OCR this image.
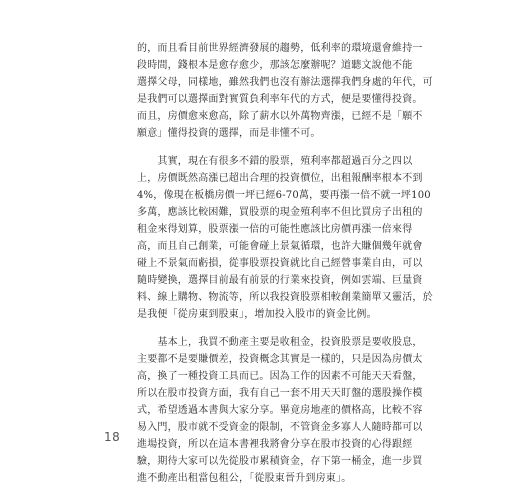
的，而且看目前世界經濟發展的趨勢，低利率的環境還會維持一
段時間，錢根本是愈存愈少，那該怎麼辦呢？道聽文說他不能
選擇父母，同樣地，雖然我們也沒有辦法選擇我們身處的年代，可
是我們可以選擇面對實質負利率年代的方式，便是要懂得投資。
而且，房價愈來愈高，除了薪水以外萬物齊漲，已經不是「願不
願意」懂得投資的選擇，而是非懂不可。

　　其實，現在有很多不錯的股票，殖利率都超過百分之四以
上，房價既然高漲已超出合理的投資價位，出租報酬率根本不到
4%，像現在板橋房價一坪已經6-70萬，要再漲一倍不就一坪100
多萬，應該比較困難，買股票的現金殖利率不但比買房子出租的
租金來得划算，股票漲一倍的可能性應該比房價再漲一倍來得
高，而且自己創業，可能會碰上景氣循環，也許大賺個幾年就會
碰上不景氣而虧損，從事股票投資就比自己經營事業自由，可以
隨時變換，選擇目前最有前景的行業來投資，例如雲端、巨量資
料、線上購物、物流等，所以我投資股票相較創業簡單又靈活，於
是我便「從房東到股東」，增加投入股市的資金比例。

　　基本上，我買不動產主要是收租金，投資股票是要收股息，
主要都不是要賺價差，投資概念其實是一樣的，只是因為房價太
高，換了一種投資工具而已。因為工作的因素不可能天天看盤，
所以在股市投資方面，我有自己一套不用天天盯盤的選股操作模
式，希望透過本書與大家分享。畢竟房地產的價格高，比較不容
易入門，股市就不受資金的限制，不管資金多寡人人隨時都可以
進場投資，所以在這本書裡我將會分享在股市投資的心得跟經
驗，期待大家可以先從股市累積資金，存下第一桶金，進一步買
進不動產出租當包租公，「從股東晉升到房東」。

18
